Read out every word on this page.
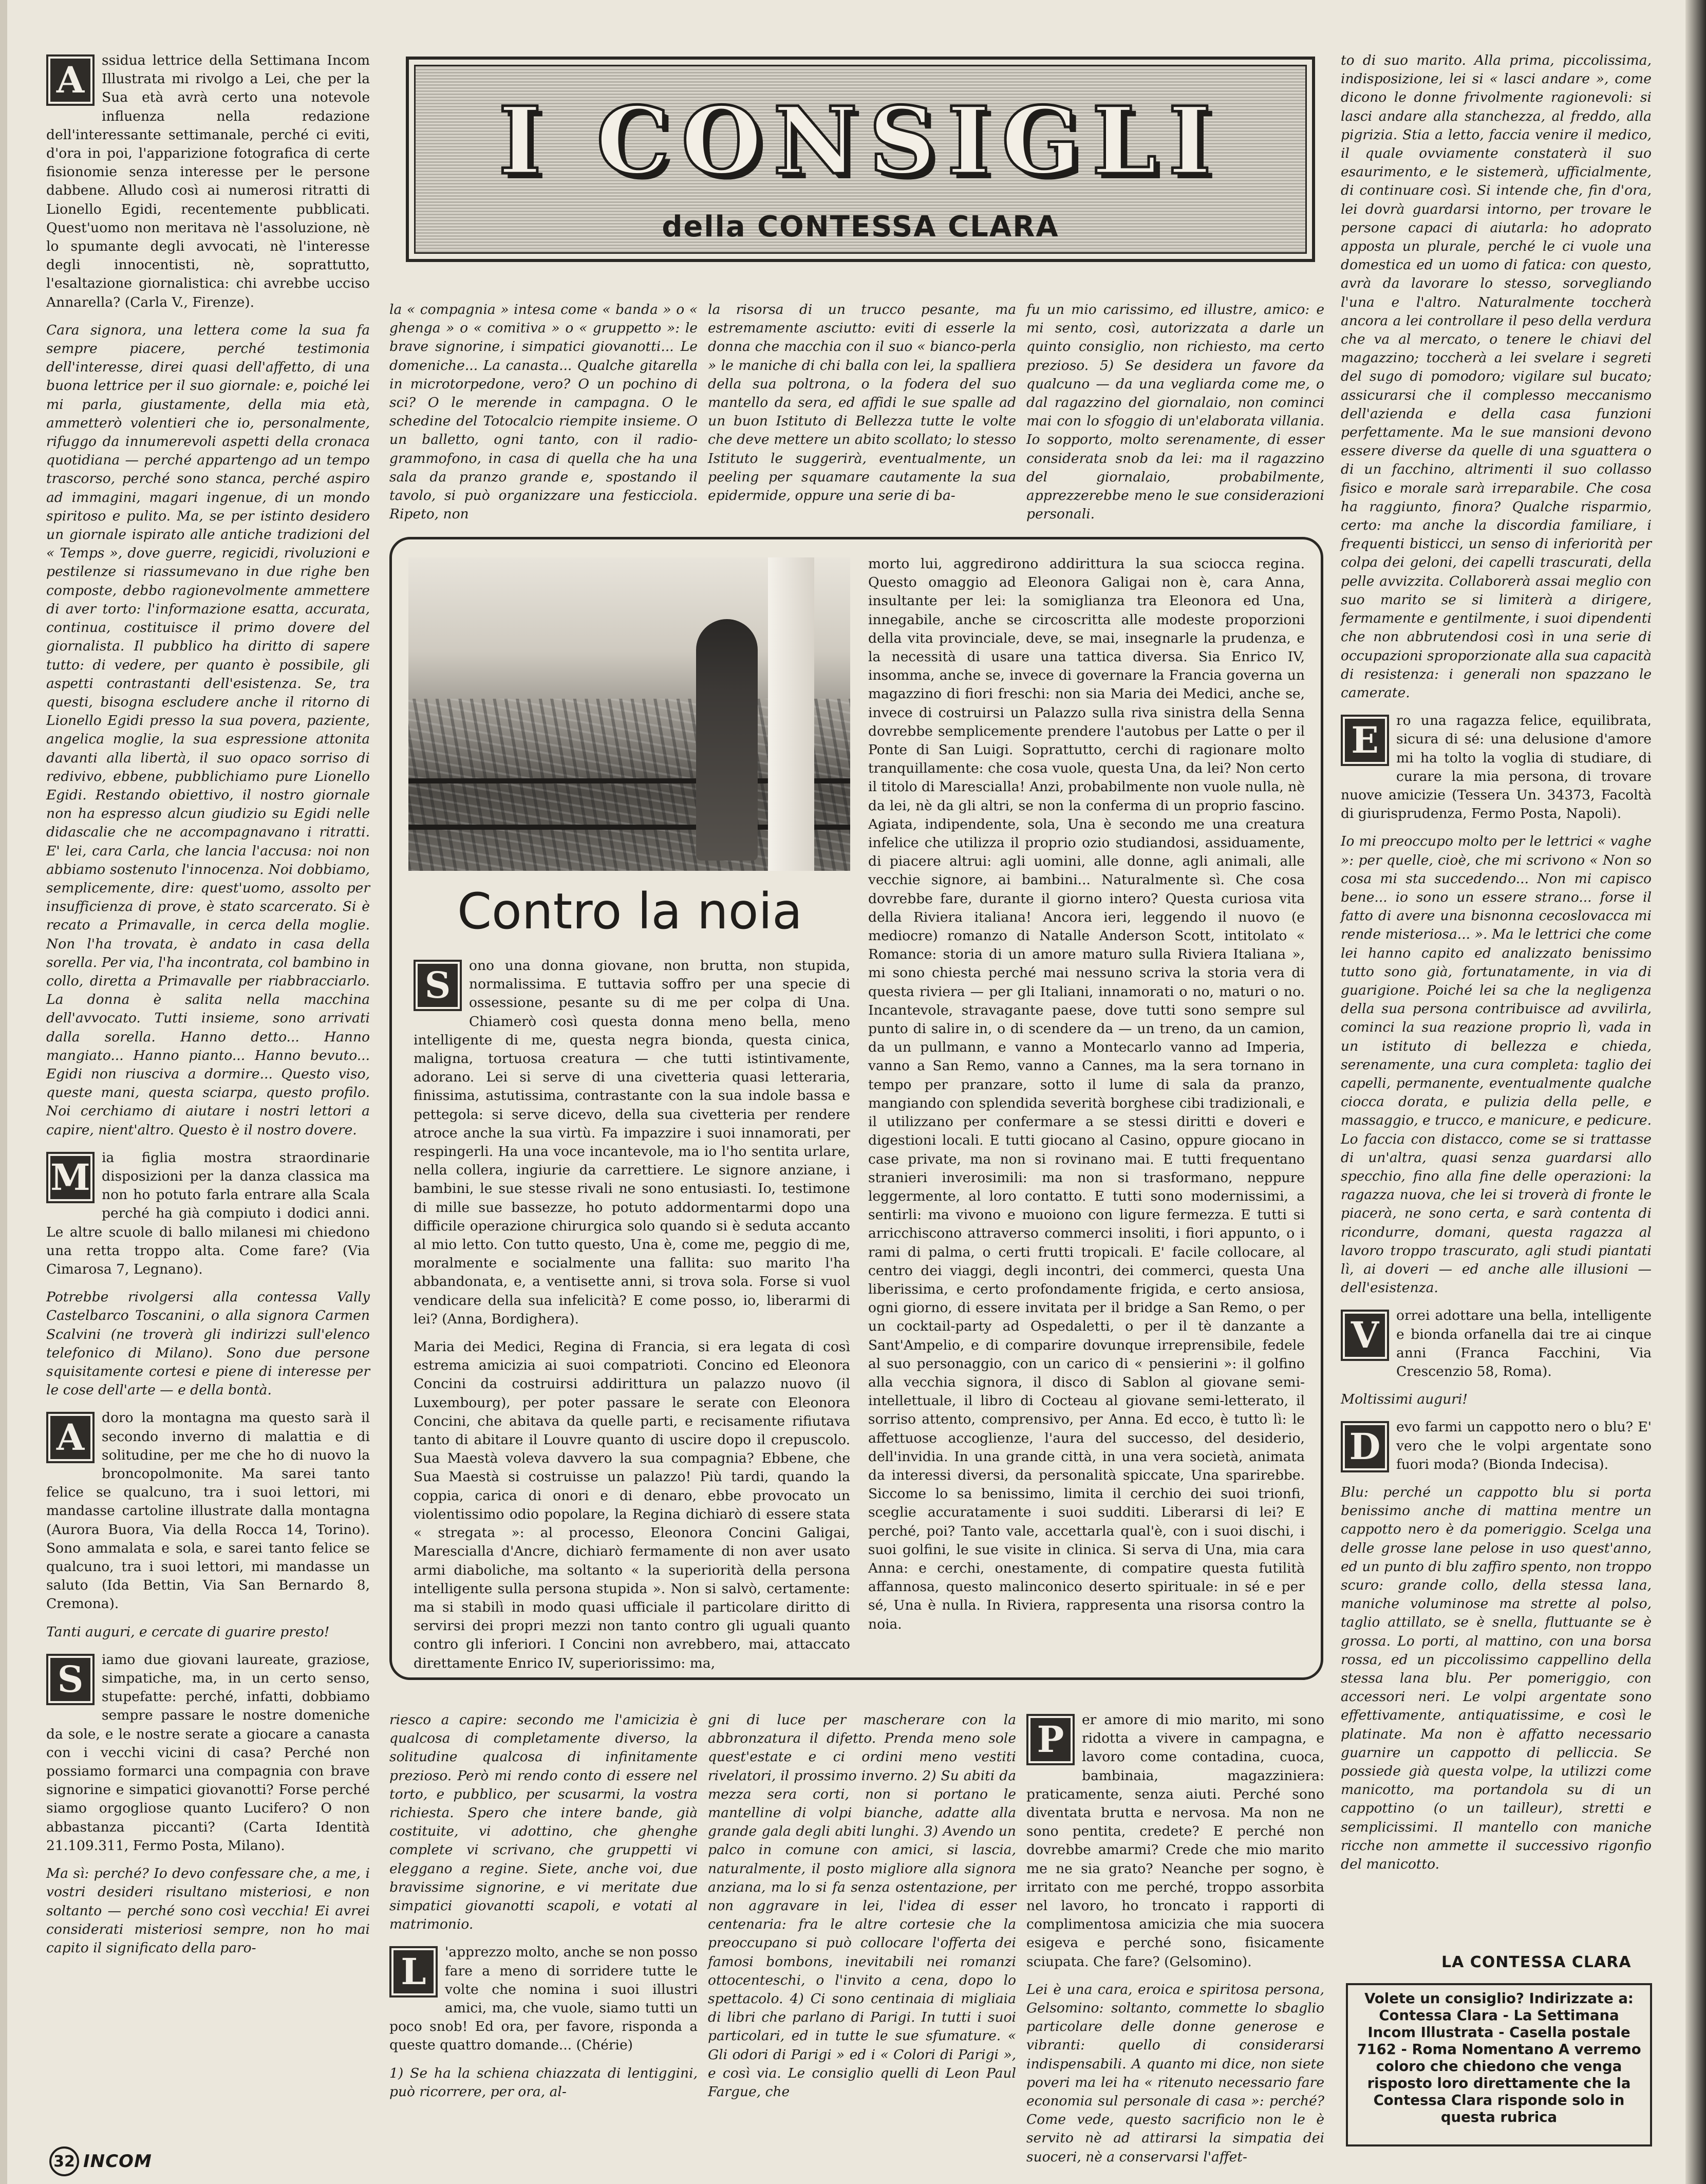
I CONSIGLI
della CONTESSA CLARA

A	ssidua lettrice della Settimana Incom Illustrata mi rivolgo a Lei, che per la Sua età avrà certo una notevole influenza nella redazione dell'interessante settimanale, perché ci eviti, d'ora in poi, l'apparizione fotografica di certe fisionomie senza interesse per le persone dabbene. Alludo così ai numerosi ritratti di Lionello Egidi, recentemente pubblicati. Quest'uomo non meritava nè l'assoluzione, nè lo spumante degli avvocati, nè l'interesse degli innocentisti, nè, soprattutto, l'esaltazione giornalistica: chi avrebbe ucciso Annarella? (Carla V., Firenze).

Cara signora, una lettera come la sua fa sempre piacere, perché testimonia dell'interesse, direi quasi dell'affetto, di una buona lettrice per il suo giornale: e, poiché lei mi parla, giustamente, della mia età, ammetterò volentieri che io, personalmente, rifuggo da innumerevoli aspetti della cronaca quotidiana — perché appartengo ad un tempo trascorso, perché sono stanca, perché aspiro ad immagini, magari ingenue, di un mondo spiritoso e pulito. Ma, se per istinto desidero un giornale ispirato alle antiche tradizioni del « Temps », dove guerre, regicidi, rivoluzioni e pestilenze si riassumevano in due righe ben composte, debbo ragionevolmente ammettere di aver torto: l'informazione esatta, accurata, continua, costituisce il primo dovere del giornalista. Il pubblico ha diritto di sapere tutto: di vedere, per quanto è possibile, gli aspetti contrastanti dell'esistenza. Se, tra questi, bisogna escludere anche il ritorno di Lionello Egidi presso la sua povera, paziente, angelica moglie, la sua espressione attonita davanti alla libertà, il suo opaco sorriso di redivivo, ebbene, pubblichiamo pure Lionello Egidi. Restando obiettivo, il nostro giornale non ha espresso alcun giudizio su Egidi nelle didascalie che ne accompagnavano i ritratti. E' lei, cara Carla, che lancia l'accusa: noi non abbiamo sostenuto l'innocenza. Noi dobbiamo, semplicemente, dire: quest'uomo, assolto per insufficienza di prove, è stato scarcerato. Si è recato a Primavalle, in cerca della moglie. Non l'ha trovata, è andato in casa della sorella. Per via, l'ha incontrata, col bambino in collo, diretta a Primavalle per riabbracciarlo. La donna è salita nella macchina dell'avvocato. Tutti insieme, sono arrivati dalla sorella. Hanno detto... Hanno mangiato... Hanno pianto... Hanno bevuto... Egidi non riusciva a dormire... Questo viso, queste mani, questa sciarpa, questo profilo. Noi cerchiamo di aiutare i nostri lettori a capire, nient'altro. Questo è il nostro dovere.

M ia figlia mostra straordinarie disposizioni per la danza classica ma non ho potuto farla entrare alla Scala perché ha già compiuto i dodici anni. Le altre scuole di ballo milanesi mi chiedono una retta troppo alta. Come fare? (Via Cimarosa 7, Legnano).

Potrebbe rivolgersi alla contessa Vally Castelbarco Toscanini, o alla signora Carmen Scalvini (ne troverà gli indirizzi sull'elenco telefonico di Milano). Sono due persone squisitamente cortesi e piene di interesse per le cose dell'arte — e della bontà.

A	doro la montagna ma questo sarà il secondo inverno di malattia e di solitudine, per me che ho di nuovo la broncopolmonite. Ma sarei tanto felice se qualcuno, tra i suoi lettori, mi mandasse cartoline illustrate dalla montagna (Aurora Buora, Via della Rocca 14, Torino). Sono ammalata e sola, e sarei tanto felice se qualcuno, tra i suoi lettori, mi mandasse un saluto (Ida Bettin, Via San Bernardo 8, Cremona).

Tanti auguri, e cercate di guarire presto!

S	iamo due giovani laureate, graziose, simpatiche, ma, in un certo senso, stupefatte: perché, infatti, dobbiamo sempre passare le nostre domeniche da sole, e le nostre serate a giocare a canasta con i vecchi vicini di casa? Perché non possiamo formarci una compagnia con brave signorine e simpatici giovanotti? Forse perché siamo orgogliose quanto Lucifero? O non abbastanza piccanti? (Carta Identità 21.109.311, Fermo Posta, Milano).

Ma sì: perché? Io devo confessare che, a me, i vostri desideri risultano misteriosi, e non soltanto — perché sono così vecchia! Ei avrei considerati misteriosi sempre, non ho mai capito il significato della paro-

la « compagnia » intesa come « banda » o « ghenga » o « comitiva » o « gruppetto »: le brave signorine, i simpatici giovanotti... Le domeniche... La canasta... Qualche gitarella in microtorpedone, vero? O un pochino di sci? O le merende in campagna. O le schedine del Totocalcio riempite insieme. O un balletto, ogni tanto, con il radio-grammofono, in casa di quella che ha una sala da pranzo grande e, spostando il tavolo, si può organizzare una festicciola. Ripeto, non

la risorsa di un trucco pesante, ma estremamente asciutto: eviti di esserle la donna che macchia con il suo « bianco-perla » le maniche di chi balla con lei, la spalliera della sua poltrona, o la fodera del suo mantello da sera, ed affidi le sue spalle ad un buon Istituto di Bellezza tutte le volte che deve mettere un abito scollato; lo stesso Istituto le suggerirà, eventualmente, un peeling per squamare cautamente la sua epidermide, oppure una serie di ba-

fu un mio carissimo, ed illustre, amico: e mi sento, così, autorizzata a darle un quinto consiglio, non richiesto, ma certo prezioso. 5) Se desidera un favore da qualcuno — da una vegliarda come me, o dal ragazzino del giornalaio, non cominci mai con lo sfoggio di un'elaborata villania. Io sopporto, molto serenamente, di esser considerata snob da lei: ma il ragazzino del giornalaio, probabilmente, apprezzerebbe meno le sue considerazioni personali.

Contro la noia

S	ono una donna giovane, non brutta, non stupida, normalissima. E tuttavia soffro per una specie di ossessione, pesante su di me per colpa di Una. Chiamerò così questa donna meno bella, meno intelligente di me, questa negra bionda, questa cinica, maligna, tortuosa creatura — che tutti istintivamente, adorano. Lei si serve di una civetteria quasi letteraria, finissima, astutissima, contrastante con la sua indole bassa e pettegola: si serve dicevo, della sua civetteria per rendere atroce anche la sua virtù. Fa impazzire i suoi innamorati, per respingerli. Ha una voce incantevole, ma io l'ho sentita urlare, nella collera, ingiurie da carrettiere. Le signore anziane, i bambini, le sue stesse rivali ne sono entusiasti. Io, testimone di mille sue bassezze, ho potuto addormentarmi dopo una difficile operazione chirurgica solo quando si è seduta accanto al mio letto. Con tutto questo, Una è, come me, peggio di me, moralmente e socialmente una fallita: suo marito l'ha abbandonata, e, a ventisette anni, si trova sola. Forse si vuol vendicare della sua infelicità? E come posso, io, liberarmi di lei? (Anna, Bordighera).

Maria dei Medici, Regina di Francia, si era legata di così estrema amicizia ai suoi compatrioti. Concino ed Eleonora Concini da costruirsi addirittura un palazzo nuovo (il Luxembourg), per poter passare le serate con Eleonora Concini, che abitava da quelle parti, e recisamente rifiutava tanto di abitare il Louvre quanto di uscire dopo il crepuscolo. Sua Maestà voleva davvero la sua compagnia? Ebbene, che Sua Maestà si costruisse un palazzo! Più tardi, quando la coppia, carica di onori e di denaro, ebbe provocato un violentissimo odio popolare, la Regina dichiarò di essere stata « stregata »: al processo, Eleonora Concini Galigai, Marescialla d'Ancre, dichiarò fermamente di non aver usato armi diaboliche, ma soltanto « la superiorità della persona intelligente sulla persona stupida ». Non si salvò, certamente: ma si stabilì in modo quasi ufficiale il particolare diritto di servirsi dei propri mezzi non tanto contro gli uguali quanto contro gli inferiori. I Concini non avrebbero, mai, attaccato direttamente Enrico IV, superiorissimo: ma,

morto lui, aggredirono addirittura la sua sciocca regina. Questo omaggio ad Eleonora Galigai non è, cara Anna, insultante per lei: la somiglianza tra Eleonora ed Una, innegabile, anche se circoscritta alle modeste proporzioni della vita provinciale, deve, se mai, insegnarle la prudenza, e la necessità di usare una tattica diversa. Sia Enrico IV, insomma, anche se, invece di governare la Francia governa un magazzino di fiori freschi: non sia Maria dei Medici, anche se, invece di costruirsi un Palazzo sulla riva sinistra della Senna dovrebbe semplicemente prendere l'autobus per Latte o per il Ponte di San Luigi. Soprattutto, cerchi di ragionare molto tranquillamente: che cosa vuole, questa Una, da lei? Non certo il titolo di Marescialla! Anzi, probabilmente non vuole nulla, nè da lei, nè da gli altri, se non la conferma di un proprio fascino. Agiata, indipendente, sola, Una è secondo me una creatura infelice che utilizza il proprio ozio studiandosi, assiduamente, di piacere altrui: agli uomini, alle donne, agli animali, alle vecchie signore, ai bambini... Naturalmente sì. Che cosa dovrebbe fare, durante il giorno intero? Questa curiosa vita della Riviera italiana! Ancora ieri, leggendo il nuovo (e mediocre) romanzo di Natalle Anderson Scott, intitolato « Romance: storia di un amore maturo sulla Riviera Italiana », mi sono chiesta perché mai nessuno scriva la storia vera di questa riviera — per gli Italiani, innamorati o no, maturi o no. Incantevole, stravagante paese, dove tutti sono sempre sul punto di salire in, o di scendere da — un treno, da un camion, da un pullmann, e vanno a Montecarlo vanno ad Imperia, vanno a San Remo, vanno a Cannes, ma la sera tornano in tempo per pranzare, sotto il lume di sala da pranzo, mangiando con splendida severità borghese cibi tradizionali, e il utilizzano per confermare a se stessi diritti e doveri e digestioni locali. E tutti giocano al Casino, oppure giocano in case private, ma non si rovinano mai. E tutti frequentano stranieri inverosimili: ma non si trasformano, neppure leggermente, al loro contatto. E tutti sono modernissimi, a sentirli: ma vivono e muoiono con ligure fermezza. E tutti si arricchiscono attraverso commerci insoliti, i fiori appunto, o i rami di palma, o certi frutti tropicali. E' facile collocare, al centro dei viaggi, degli incontri, dei commerci, questa Una liberissima, e certo profondamente frigida, e certo ansiosa, ogni giorno, di essere invitata per il bridge a San Remo, o per un cocktail-party ad Ospedaletti, o per il tè danzante a Sant'Ampelio, e di comparire dovunque irreprensibile, fedele al suo personaggio, con un carico di « pensierini »: il golfino alla vecchia signora, il disco di Sablon al giovane semi-intellettuale, il libro di Cocteau al giovane semi-letterato, il sorriso attento, comprensivo, per Anna. Ed ecco, è tutto lì: le affettuose accoglienze, l'aura del successo, del desiderio, dell'invidia. In una grande città, in una vera società, animata da interessi diversi, da personalità spiccate, Una sparirebbe. Siccome lo sa benissimo, limita il cerchio dei suoi trionfi, sceglie accuratamente i suoi sudditi. Liberarsi di lei? E perché, poi? Tanto vale, accettarla qual'è, con i suoi dischi, i suoi golfini, le sue visite in clinica. Si serva di Una, mia cara Anna: e cerchi, onestamente, di compatire questa futilità affannosa, questo malinconico deserto spirituale: in sé e per sé, Una è nulla. In Riviera, rappresenta una risorsa contro la noia.

riesco a capire: secondo me l'amicizia è qualcosa di completamente diverso, la solitudine qualcosa di infinitamente prezioso. Però mi rendo conto di essere nel torto, e pubblico, per scusarmi, la vostra richiesta. Spero che intere bande, già costituite, vi adottino, che ghenghe complete vi scrivano, che gruppetti vi eleggano a regine. Siete, anche voi, due bravissime signorine, e vi meritate due simpatici giovanotti scapoli, e votati al matrimonio.

L	'apprezzo molto, anche se non posso fare a meno di sorridere tutte le volte che nomina i suoi illustri amici, ma, che vuole, siamo tutti un poco snob! Ed ora, per favore, risponda a queste quattro domande... (Chérie)

1) Se ha la schiena chiazzata di lentiggini, può ricorrere, per ora, al-

gni di luce per mascherare con la abbronzatura il difetto. Prenda meno sole quest'estate e ci ordini meno vestiti rivelatori, il prossimo inverno. 2) Su abiti da mezza sera corti, non si portano le mantelline di volpi bianche, adatte alla grande gala degli abiti lunghi. 3) Avendo un palco in comune con amici, si lascia, naturalmente, il posto migliore alla signora anziana, ma lo si fa senza ostentazione, per non aggravare in lei, l'idea di esser centenaria: fra le altre cortesie che la preoccupano si può collocare l'offerta dei famosi bombons, inevitabili nei romanzi ottocenteschi, o l'invito a cena, dopo lo spettacolo. 4) Ci sono centinaia di migliaia di libri che parlano di Parigi. In tutti i suoi particolari, ed in tutte le sue sfumature. « Gli odori di Parigi » ed i « Colori di Parigi », e così via. Le consiglio quelli di Leon Paul Fargue, che

P	er amore di mio marito, mi sono ridotta a vivere in campagna, e lavoro come contadina, cuoca, bambinaia, magazziniera: praticamente, senza aiuti. Perché sono diventata brutta e nervosa. Ma non ne sono pentita, credete? E perché non dovrebbe amarmi? Crede che mio marito me ne sia grato? Neanche per sogno, è irritato con me perché, troppo assorbita nel lavoro, ho troncato i rapporti di complimentosa amicizia che mia suocera esigeva e perché sono, fisicamente sciupata. Che fare? (Gelsomino).

Lei è una cara, eroica e spiritosa persona, Gelsomino: soltanto, commette lo sbaglio particolare delle donne generose e vibranti: quello di considerarsi indispensabili. A quanto mi dice, non siete poveri ma lei ha « ritenuto necessario fare economia sul personale di casa »: perché? Come vede, questo sacrificio non le è servito nè ad attirarsi la simpatia dei suoceri, nè a conservarsi l'affet-

to di suo marito. Alla prima, piccolissima, indisposizione, lei si « lasci andare », come dicono le donne frivolmente ragionevoli: si lasci andare alla stanchezza, al freddo, alla pigrizia. Stia a letto, faccia venire il medico, il quale ovviamente constaterà il suo esaurimento, e le sistemerà, ufficialmente, di continuare così. Si intende che, fin d'ora, lei dovrà guardarsi intorno, per trovare le persone capaci di aiutarla: ho adoprato apposta un plurale, perché le ci vuole una domestica ed un uomo di fatica: con questo, avrà da lavorare lo stesso, sorvegliando l'una e l'altro. Naturalmente toccherà ancora a lei controllare il peso della verdura che va al mercato, o tenere le chiavi del magazzino; toccherà a lei svelare i segreti del sugo di pomodoro; vigilare sul bucato; assicurarsi che il complesso meccanismo dell'azienda e della casa funzioni perfettamente. Ma le sue mansioni devono essere diverse da quelle di una sguattera o di un facchino, altrimenti il suo collasso fisico e morale sarà irreparabile. Che cosa ha raggiunto, finora? Qualche risparmio, certo: ma anche la discordia familiare, i frequenti bisticci, un senso di inferiorità per colpa dei geloni, dei capelli trascurati, della pelle avvizzita. Collaborerà assai meglio con suo marito se si limiterà a dirigere, fermamente e gentilmente, i suoi dipendenti che non abbrutendosi così in una serie di occupazioni sproporzionate alla sua capacità di resistenza: i generali non spazzano le camerate.

E	ro una ragazza felice, equilibrata, sicura di sé: una delusione d'amore mi ha tolto la voglia di studiare, di curare la mia persona, di trovare nuove amicizie (Tessera Un. 34373, Facoltà di giurisprudenza, Fermo Posta, Napoli).

Io mi preoccupo molto per le lettrici « vaghe »: per quelle, cioè, che mi scrivono « Non so cosa mi sta succedendo... Non mi capisco bene... io sono un essere strano... forse il fatto di avere una bisnonna cecoslovacca mi rende misteriosa... ». Ma le lettrici che come lei hanno capito ed analizzato benissimo tutto sono già, fortunatamente, in via di guarigione. Poiché lei sa che la negligenza della sua persona contribuisce ad avvilirla, cominci la sua reazione proprio lì, vada in un istituto di bellezza e chieda, serenamente, una cura completa: taglio dei capelli, permanente, eventualmente qualche ciocca dorata, e pulizia della pelle, e massaggio, e trucco, e manicure, e pedicure. Lo faccia con distacco, come se si trattasse di un'altra, quasi senza guardarsi allo specchio, fino alla fine delle operazioni: la ragazza nuova, che lei si troverà di fronte le piacerà, ne sono certa, e sarà contenta di ricondurre, domani, questa ragazza al lavoro troppo trascurato, agli studi piantati lì, ai doveri — ed anche alle illusioni — dell'esistenza.

V	orrei adottare una bella, intelligente e bionda orfanella dai tre ai cinque anni (Franca Facchini, Via Crescenzio 58, Roma).

Moltissimi auguri!

D	evo farmi un cappotto nero o blu? E' vero che le volpi argentate sono fuori moda? (Bionda Indecisa).

Blu: perché un cappotto blu si porta benissimo anche di mattina mentre un cappotto nero è da pomeriggio. Scelga una delle grosse lane pelose in uso quest'anno, ed un punto di blu zaffiro spento, non troppo scuro: grande collo, della stessa lana, maniche voluminose ma strette al polso, taglio attillato, se è snella, fluttuante se è grossa. Lo porti, al mattino, con una borsa rossa, ed un piccolissimo cappellino della stessa lana blu. Per pomeriggio, con accessori neri. Le volpi argentate sono effettivamente, antiquatissime, e così le platinate. Ma non è affatto necessario guarnire un cappotto di pelliccia. Se possiede già questa volpe, la utilizzi come manicotto, ma portandola su di un cappottino (o un tailleur), stretti e semplicissimi. Il mantello con maniche ricche non ammette il successivo rigonfio del manicotto.

LA CONTESSA CLARA
Volete un consiglio? Indirizzate a: Contessa Clara - La Settimana Incom Illustrata - Casella postale 7162 - Roma Nomentano A verremo coloro che chiedono che venga risposto loro direttamente che la Contessa Clara risponde solo in questa rubrica
32 INCOM
